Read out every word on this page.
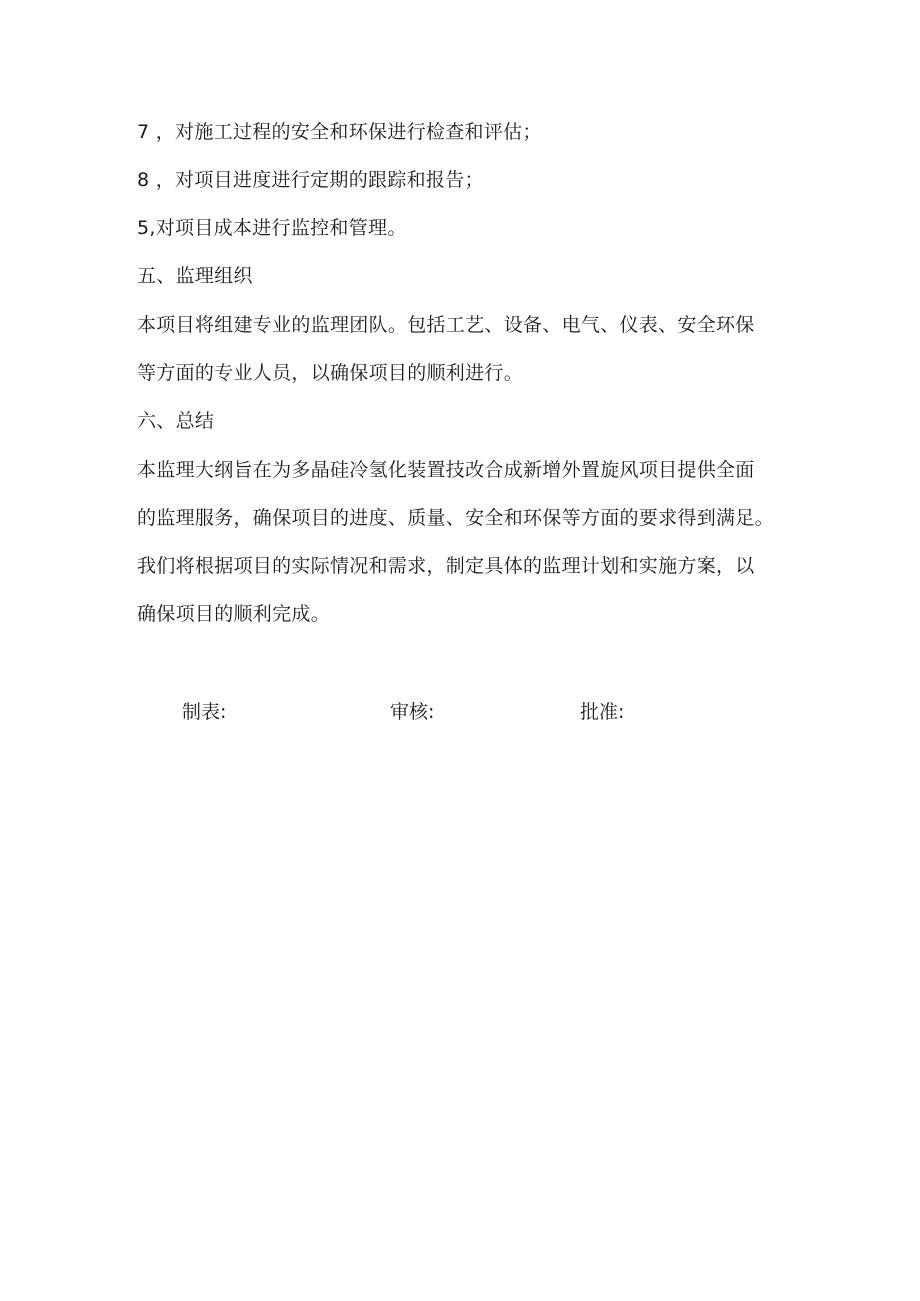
7 ，对施工过程的安全和环保进行检查和评估；
8 ，对项目进度进行定期的跟踪和报告；
5,对项目成本进行监控和管理。
五、监理组织
本项目将组建专业的监理团队。包括工艺、设备、电气、仪表、安全环保
等方面的专业人员，以确保项目的顺利进行。
六、总结
本监理大纲旨在为多晶硅冷氢化装置技改合成新增外置旋风项目提供全面
的监理服务，确保项目的进度、质量、安全和环保等方面的要求得到满足。
我们将根据项目的实际情况和需求，制定具体的监理计划和实施方案，以
确保项目的顺利完成。
制表:	审核:	批准:
